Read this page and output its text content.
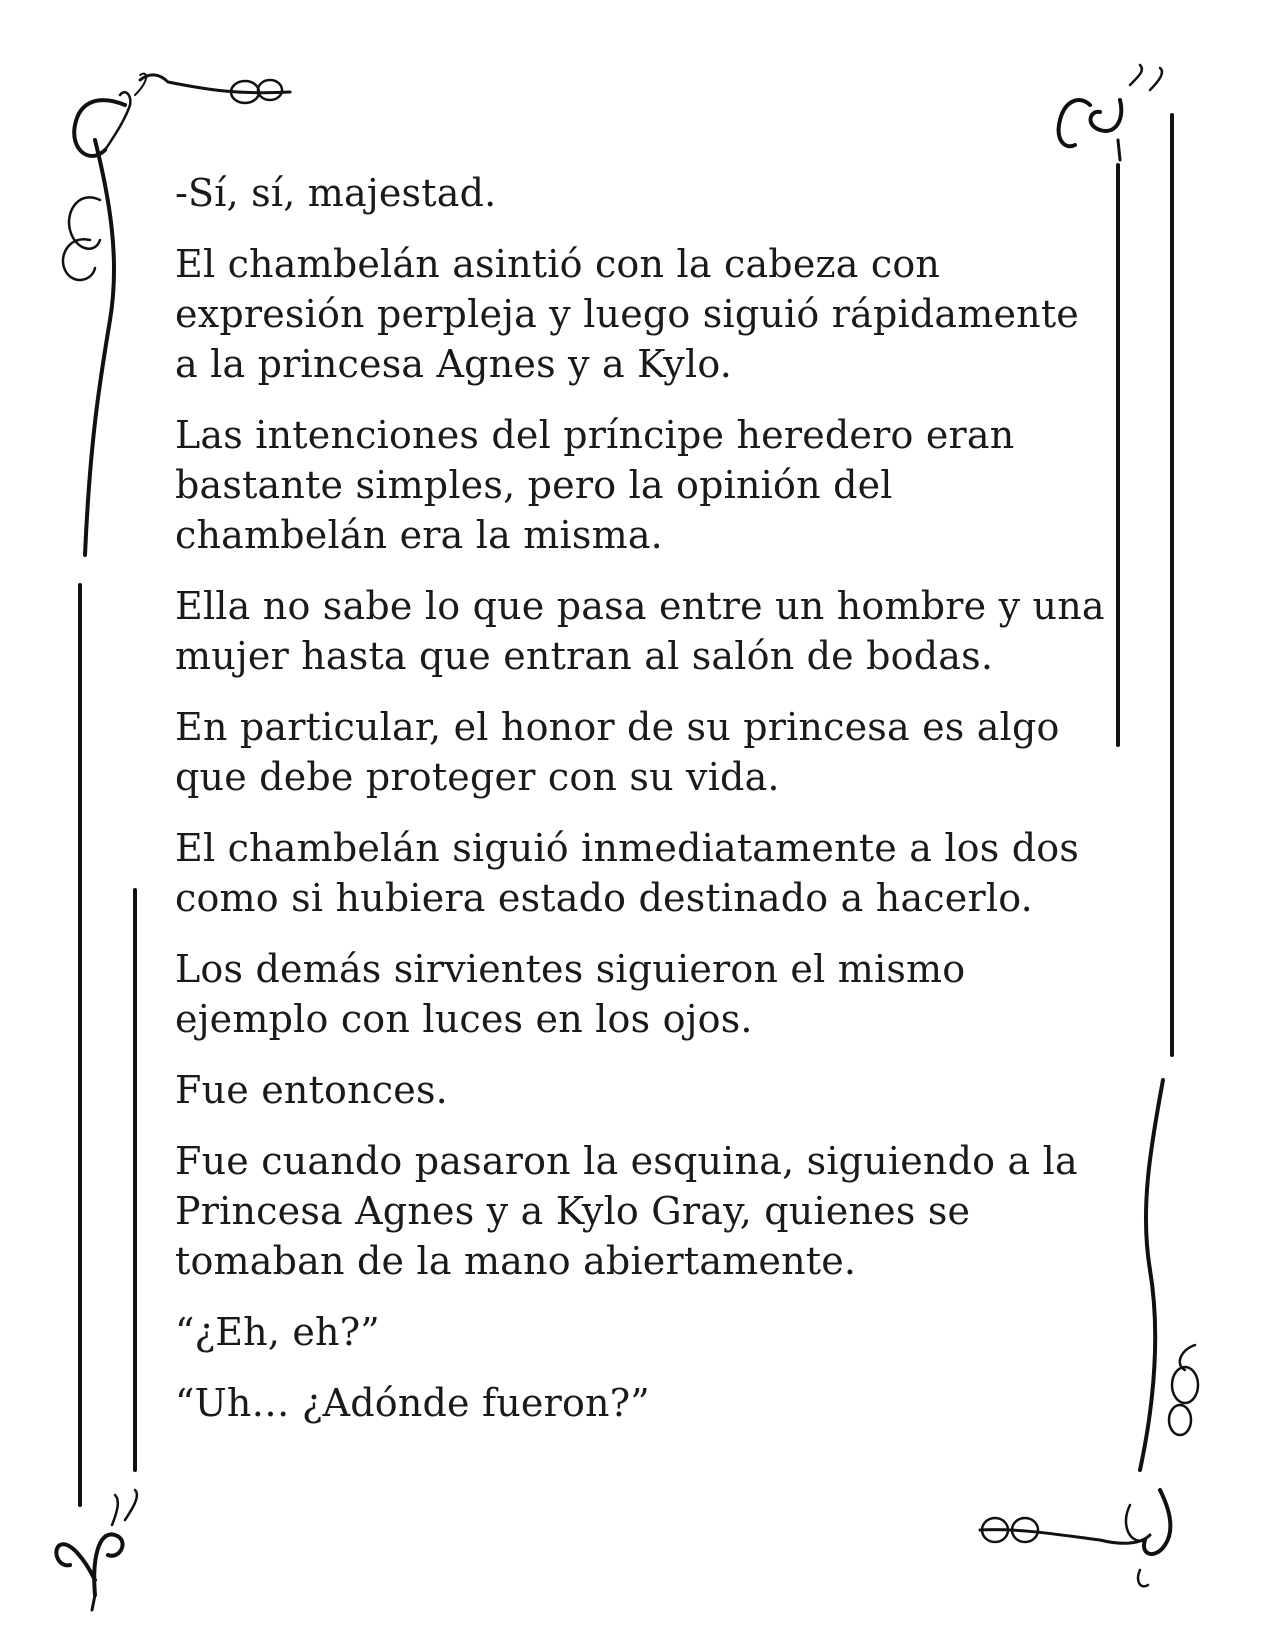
-Sí, sí, majestad.

El chambelán asintió con la cabeza con expresión perpleja y luego siguió rápidamente a la princesa Agnes y a Kylo.

Las intenciones del príncipe heredero eran bastante simples, pero la opinión del chambelán era la misma.

Ella no sabe lo que pasa entre un hombre y una mujer hasta que entran al salón de bodas.

En particular, el honor de su princesa es algo que debe proteger con su vida.

El chambelán siguió inmediatamente a los dos como si hubiera estado destinado a hacerlo.

Los demás sirvientes siguieron el mismo ejemplo con luces en los ojos.

Fue entonces.

Fue cuando pasaron la esquina, siguiendo a la Princesa Agnes y a Kylo Gray, quienes se tomaban de la mano abiertamente.

“¿Eh, eh?”

“Uh… ¿Adónde fueron?”
